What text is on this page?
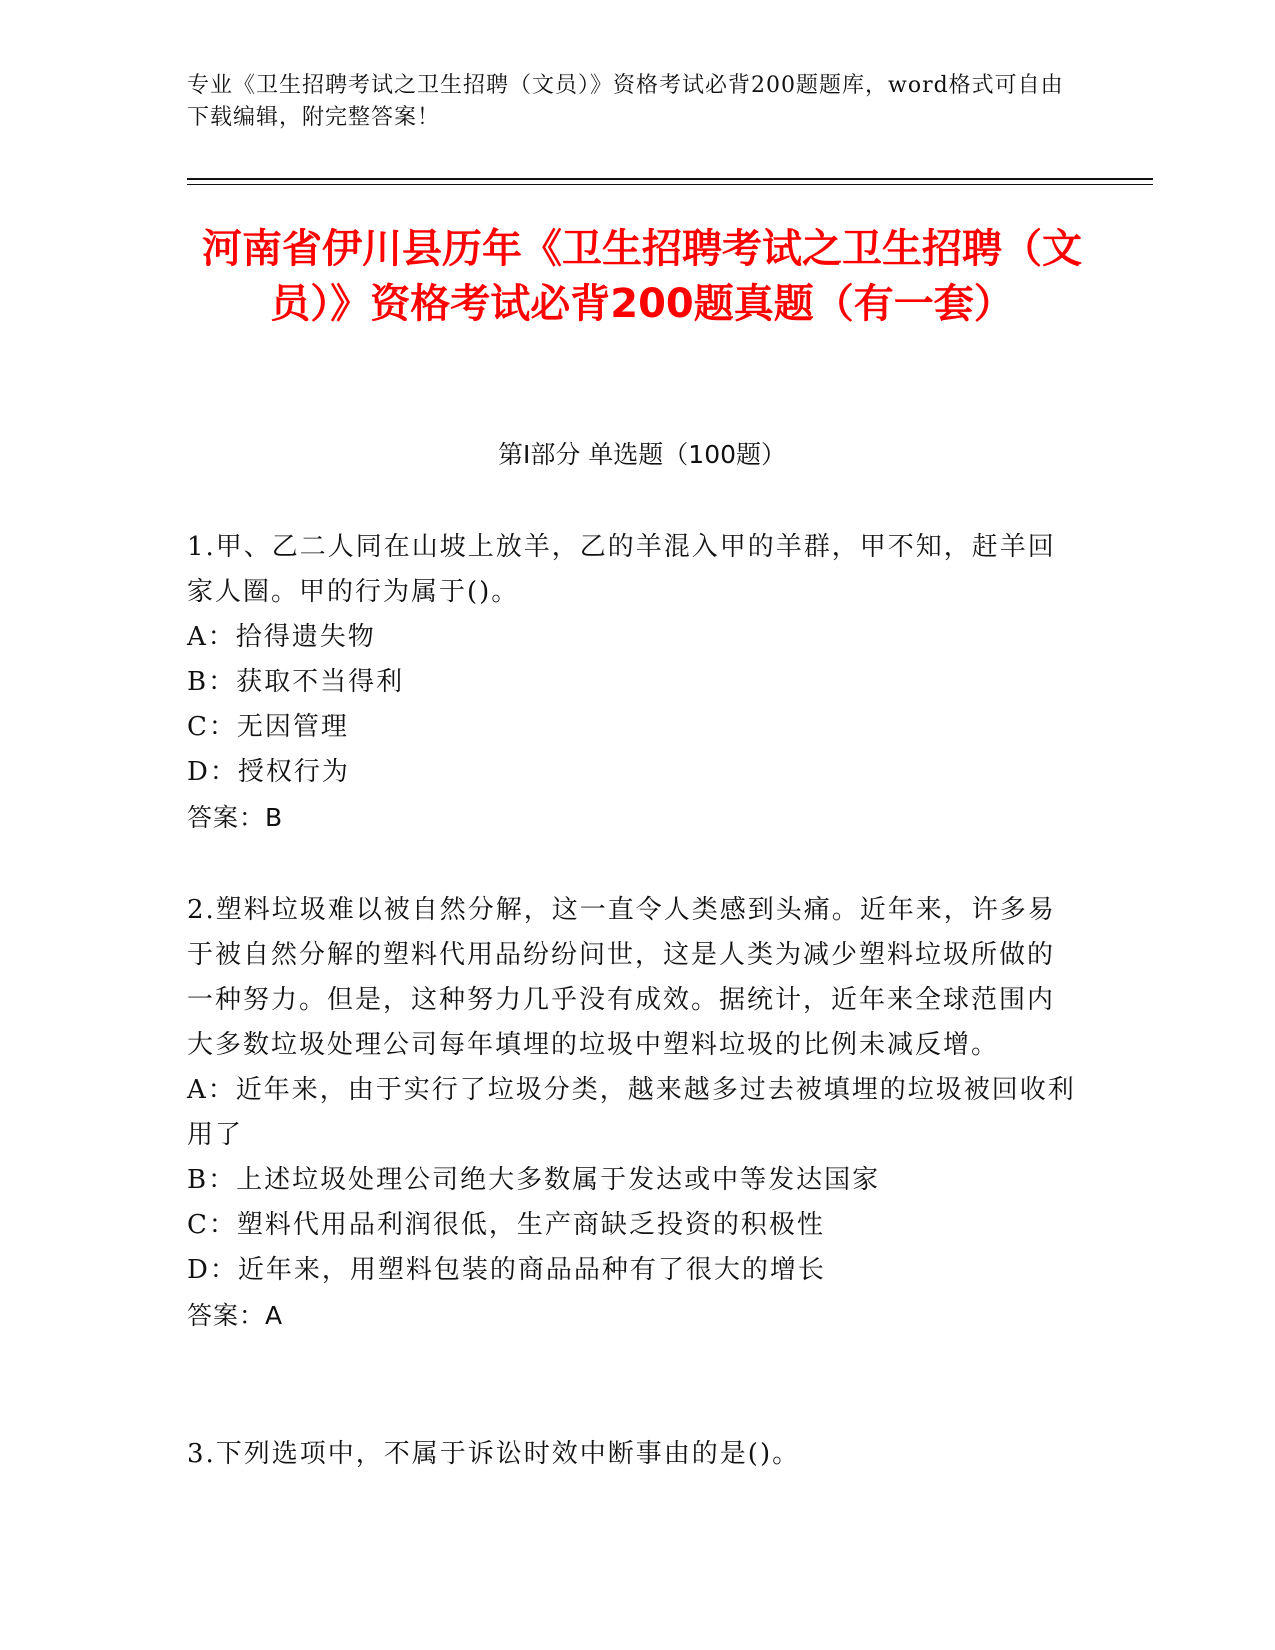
专业《卫生招聘考试之卫生招聘（文员）》资格考试必背200题题库，word格式可自由下载编辑，附完整答案！
河南省伊川县历年《卫生招聘考试之卫生招聘（文员）》资格考试必背200题真题（有一套）
第I部分 单选题（100题）

1.甲、乙二人同在山坡上放羊，乙的羊混入甲的羊群，甲不知，赶羊回家人圈。甲的行为属于()。

A：拾得遗失物

B：获取不当得利

C：无因管理

D：授权行为

答案：B

2.塑料垃圾难以被自然分解，这一直令人类感到头痛。近年来，许多易于被自然分解的塑料代用品纷纷问世，这是人类为减少塑料垃圾所做的一种努力。但是，这种努力几乎没有成效。据统计，近年来全球范围内大多数垃圾处理公司每年填埋的垃圾中塑料垃圾的比例未减反增。

A：近年来，由于实行了垃圾分类，越来越多过去被填埋的垃圾被回收利用了

B：上述垃圾处理公司绝大多数属于发达或中等发达国家

C：塑料代用品利润很低，生产商缺乏投资的积极性

D：近年来，用塑料包装的商品品种有了很大的增长

答案：A

3.下列选项中，不属于诉讼时效中断事由的是()。
